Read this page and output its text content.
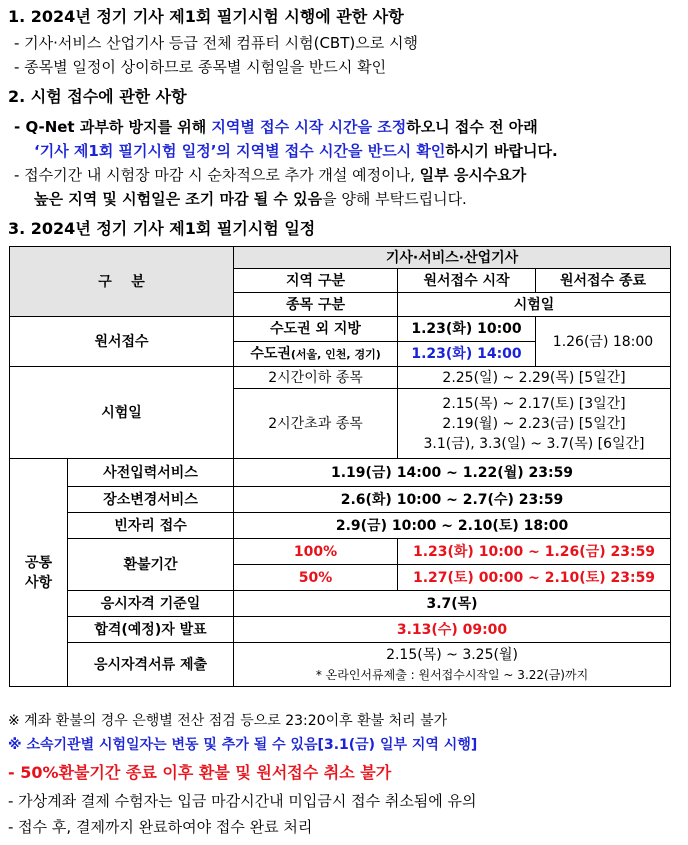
1. 2024년 정기 기사 제1회 필기시험 시행에 관한 사항
- 기사·서비스 산업기사 등급 전체 컴퓨터 시험(CBT)으로 시행
- 종목별 일정이 상이하므로 종목별 시험일을 반드시 확인
2. 시험 접수에 관한 사항
- Q-Net 과부하 방지를 위해 지역별 접수 시작 시간을 조정하오니 접수 전 아래
‘기사 제1회 필기시험 일정’의 지역별 접수 시간을 반드시 확인하시기 바랍니다.
- 접수기간 내 시험장 마감 시 순차적으로 추가 개설 예정이나, 일부 응시수요가
높은 지역 및 시험일은 조기 마감 될 수 있음을 양해 부탁드립니다.
3. 2024년 정기 기사 제1회 필기시험 일정
구    분		기사·서비스·산업기사		
		지역 구분	원서접수 시작	원서접수 종료
		종목 구분	시험일	
원서접수		수도권 외 지방	1.23(화) 10:00	1.26(금) 18:00
		수도권(서울, 인천, 경기)	1.23(화) 14:00	
시험일		2시간이하 종목	2.25(일) ~ 2.29(목) [5일간]	
		2시간초과 종목	2.15(목) ~ 2.17(토) [3일간]
2.19(월) ~ 2.23(금) [5일간]
3.1(금), 3.3(일) ~ 3.7(목) [6일간]	

공통
사항	사전입력서비스	1.19(금) 14:00 ~ 1.22(월) 23:59		
	장소변경서비스	2.6(화) 10:00 ~ 2.7(수) 23:59		
	빈자리 접수	2.9(금) 10:00 ~ 2.10(토) 18:00		
	환불기간	100%	1.23(화) 10:00 ~ 1.26(금) 23:59	
		50%	1.27(토) 00:00 ~ 2.10(토) 23:59	
	응시자격 기준일	3.7(목)		
	합격(예정)자 발표	3.13(수) 09:00		
	응시자격서류 제출	2.15(목) ~ 3.25(월)
* 온라인서류제출 : 원서접수시작일 ~ 3.22(금)까지		
※ 계좌 환불의 경우 은행별 전산 점검 등으로 23:20이후 환불 처리 불가
※ 소속기관별 시험일자는 변동 및 추가 될 수 있음[3.1(금) 일부 지역 시행]
- 50%환불기간 종료 이후 환불 및 원서접수 취소 불가
- 가상계좌 결제 수험자는 입금 마감시간내 미입금시 접수 취소됨에 유의
- 접수 후, 결제까지 완료하여야 접수 완료 처리
